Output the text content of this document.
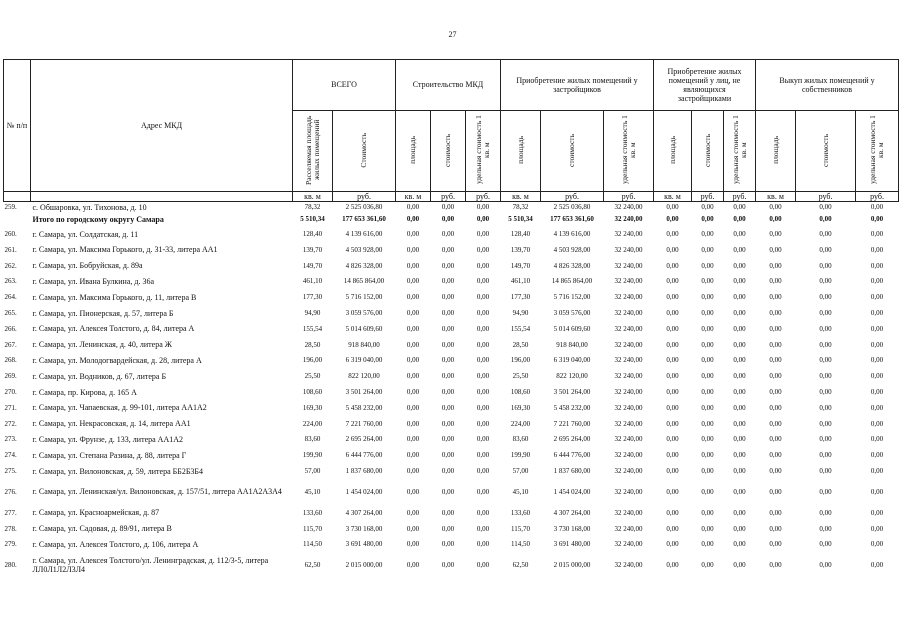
27
№ п/п	Адрес МКД	ВСЕГО		Строительство МКД			Приобретение жилых помещений у застройщиков			Приобретение жилых помещений у лиц, не являющихся застройщиками			Выкуп жилых помещений у собственников		
		Расселяемая площадь жилых помещений	Стоимость	площадь	стоимость	удельная стоимость 1 кв. м	площадь	стоимость	удельная стоимость 1 кв. м	площадь	стоимость	удельная стоимость 1 кв. м	площадь	стоимость	удельная стоимость 1 кв. м
		кв. м	руб.	кв. м	руб.	руб.	кв. м	руб.	руб.	кв. м	руб.	руб.	кв. м	руб.	руб.
259.	с. Обшаровка, ул. Тихонова, д. 10	78,32	2 525 036,80	0,00	0,00	0,00	78,32	2 525 036,80	32 240,00	0,00	0,00	0,00	0,00	0,00	0,00
	Итого по городскому округу Самара	5 510,34	177 653 361,60	0,00	0,00	0,00	5 510,34	177 653 361,60	32 240,00	0,00	0,00	0,00	0,00	0,00	0,00
260.	г. Самара, ул. Солдатская, д. 11	128,40	4 139 616,00	0,00	0,00	0,00	128,40	4 139 616,00	32 240,00	0,00	0,00	0,00	0,00	0,00	0,00
261.	г. Самара, ул. Максима Горького, д. 31-33, литера АА1	139,70	4 503 928,00	0,00	0,00	0,00	139,70	4 503 928,00	32 240,00	0,00	0,00	0,00	0,00	0,00	0,00
262.	г. Самара, ул. Бобруйская, д. 89а	149,70	4 826 328,00	0,00	0,00	0,00	149,70	4 826 328,00	32 240,00	0,00	0,00	0,00	0,00	0,00	0,00
263.	г. Самара, ул. Ивана Булкина, д. 36а	461,10	14 865 864,00	0,00	0,00	0,00	461,10	14 865 864,00	32 240,00	0,00	0,00	0,00	0,00	0,00	0,00
264.	г. Самара, ул. Максима Горького, д. 11, литера В	177,30	5 716 152,00	0,00	0,00	0,00	177,30	5 716 152,00	32 240,00	0,00	0,00	0,00	0,00	0,00	0,00
265.	г. Самара, ул. Пионерская, д. 57, литера Б	94,90	3 059 576,00	0,00	0,00	0,00	94,90	3 059 576,00	32 240,00	0,00	0,00	0,00	0,00	0,00	0,00
266.	г. Самара, ул. Алексея Толстого, д. 84, литера А	155,54	5 014 609,60	0,00	0,00	0,00	155,54	5 014 609,60	32 240,00	0,00	0,00	0,00	0,00	0,00	0,00
267.	г. Самара, ул. Ленинская, д. 40, литера Ж	28,50	918 840,00	0,00	0,00	0,00	28,50	918 840,00	32 240,00	0,00	0,00	0,00	0,00	0,00	0,00
268.	г. Самара, ул. Молодогвардейская, д. 28, литера А	196,00	6 319 040,00	0,00	0,00	0,00	196,00	6 319 040,00	32 240,00	0,00	0,00	0,00	0,00	0,00	0,00
269.	г. Самара, ул. Водников, д. 67, литера Б	25,50	822 120,00	0,00	0,00	0,00	25,50	822 120,00	32 240,00	0,00	0,00	0,00	0,00	0,00	0,00
270.	г. Самара, пр. Кирова, д. 165 А	108,60	3 501 264,00	0,00	0,00	0,00	108,60	3 501 264,00	32 240,00	0,00	0,00	0,00	0,00	0,00	0,00
271.	г. Самара, ул. Чапаевская, д. 99-101, литера АА1А2	169,30	5 458 232,00	0,00	0,00	0,00	169,30	5 458 232,00	32 240,00	0,00	0,00	0,00	0,00	0,00	0,00
272.	г. Самара, ул. Некрасовская, д. 14, литера АА1	224,00	7 221 760,00	0,00	0,00	0,00	224,00	7 221 760,00	32 240,00	0,00	0,00	0,00	0,00	0,00	0,00
273.	г. Самара, ул. Фрунзе, д. 133, литера АА1А2	83,60	2 695 264,00	0,00	0,00	0,00	83,60	2 695 264,00	32 240,00	0,00	0,00	0,00	0,00	0,00	0,00
274.	г. Самара, ул. Степана Разина, д. 88, литера Г	199,90	6 444 776,00	0,00	0,00	0,00	199,90	6 444 776,00	32 240,00	0,00	0,00	0,00	0,00	0,00	0,00
275.	г. Самара, ул. Вилоновская, д. 59, литера ББ2Б3Б4	57,00	1 837 680,00	0,00	0,00	0,00	57,00	1 837 680,00	32 240,00	0,00	0,00	0,00	0,00	0,00	0,00
276.	г. Самара, ул. Ленинская/ул. Вилоновская, д. 157/51, литера АА1А2А3А4	45,10	1 454 024,00	0,00	0,00	0,00	45,10	1 454 024,00	32 240,00	0,00	0,00	0,00	0,00	0,00	0,00
277.	г. Самара, ул. Красноармейская, д. 87	133,60	4 307 264,00	0,00	0,00	0,00	133,60	4 307 264,00	32 240,00	0,00	0,00	0,00	0,00	0,00	0,00
278.	г. Самара, ул. Садовая, д. 89/91, литера В	115,70	3 730 168,00	0,00	0,00	0,00	115,70	3 730 168,00	32 240,00	0,00	0,00	0,00	0,00	0,00	0,00
279.	г. Самара, ул. Алексея Толстого, д. 106, литера А	114,50	3 691 480,00	0,00	0,00	0,00	114,50	3 691 480,00	32 240,00	0,00	0,00	0,00	0,00	0,00	0,00
280.	г. Самара, ул. Алексея Толстого/ул. Ленинградская, д. 112/3-5, литера ЛЛ0Л1Л2Л3Л4	62,50	2 015 000,00	0,00	0,00	0,00	62,50	2 015 000,00	32 240,00	0,00	0,00	0,00	0,00	0,00	0,00
